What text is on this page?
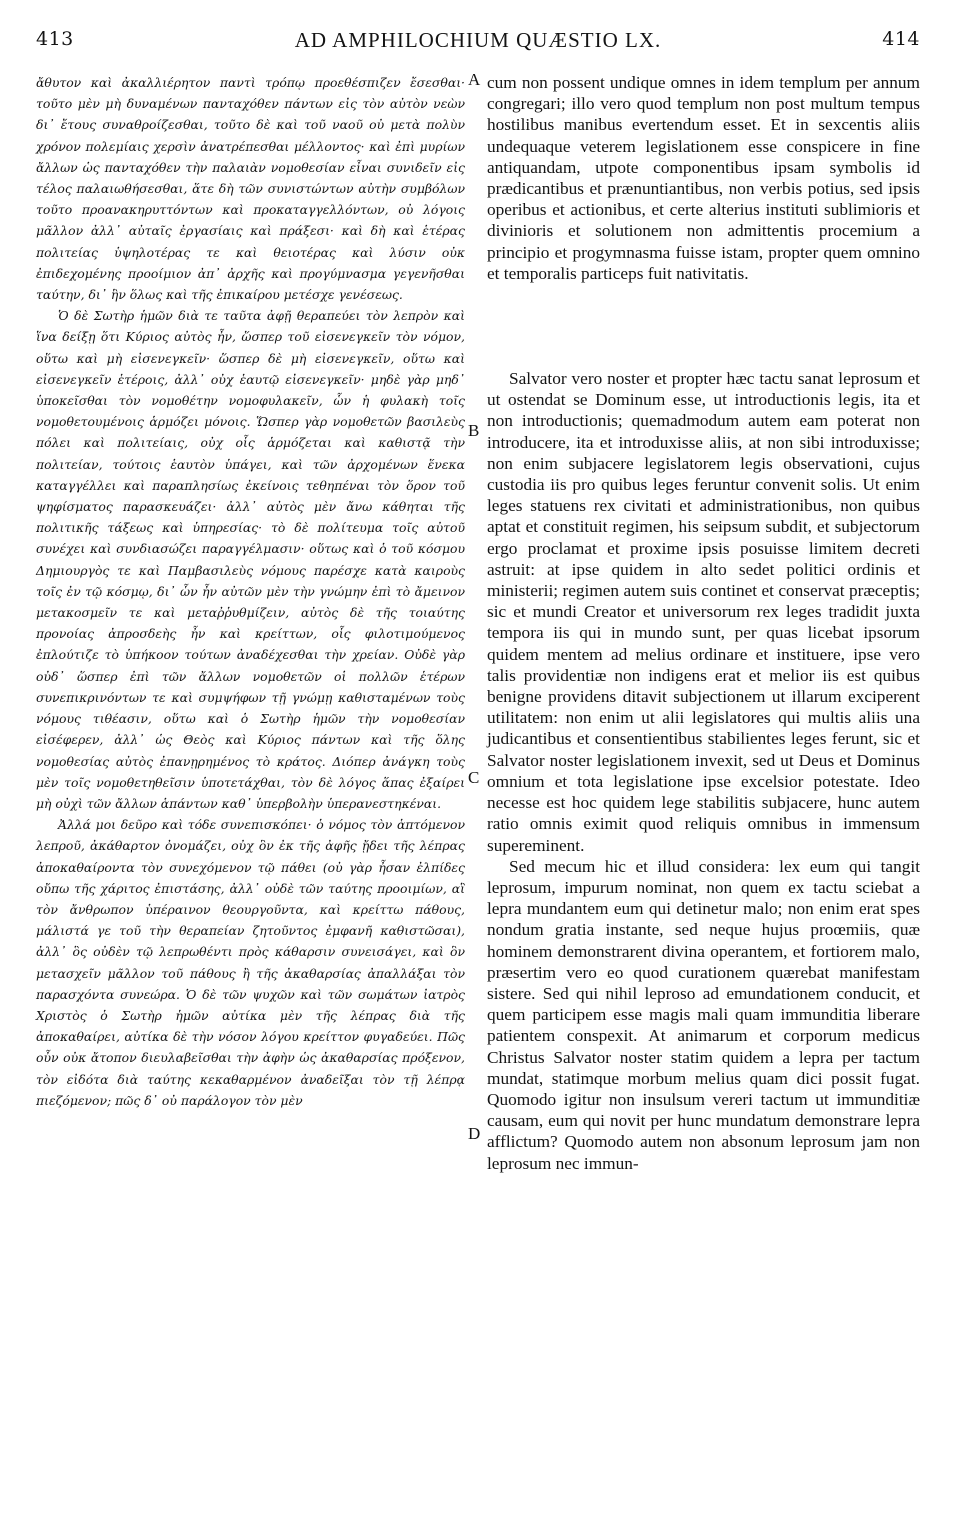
413	AD AMPHILOCHIUM QUÆSTIO LX.	414
A
B
C
D

ἄθυτον καὶ ἀκαλλιέρητον παντὶ τρόπῳ προεθέσπιζεν ἔσεσθαι· τοῦτο μὲν μὴ δυναμένων πανταχόθεν πάντων εἰς τὸν αὐτὸν νεὼν δι᾽ ἔτους συναθροίζεσθαι, τοῦτο δὲ καὶ τοῦ ναοῦ οὐ μετὰ πολὺν χρόνον πολεμίαις χερσὶν ἀνατρέπεσθαι μέλλοντος· καὶ ἐπὶ μυρίων ἄλλων ὡς πανταχόθεν τὴν παλαιὰν νομοθεσίαν εἶναι συνιδεῖν εἰς τέλος παλαιωθήσεσθαι, ἅτε δὴ τῶν συνιστώντων αὐτὴν συμβόλων τοῦτο προανακηρυττόντων καὶ προκαταγγελλόντων, οὐ λόγοις μᾶλλον ἀλλ᾽ αὐταῖς ἐργασίαις καὶ πράξεσι· καὶ δὴ καὶ ἑτέρας πολιτείας ὑψηλοτέρας τε καὶ θειοτέρας καὶ λύσιν οὐκ ἐπιδεχομένης προοίμιον ἀπ᾽ ἀρχῆς καὶ προγύμνασμα γεγενῆσθαι ταύτην, δι᾽ ἣν ὅλως καὶ τῆς ἐπικαίρου μετέσχε γενέσεως.

Ὁ δὲ Σωτὴρ ἡμῶν διὰ τε ταῦτα ἀφῇ θεραπεύει τὸν λεπρὸν καὶ ἵνα δείξῃ ὅτι Κύριος αὐτὸς ἦν, ὥσπερ τοῦ εἰσενεγκεῖν τὸν νόμον, οὕτω καὶ μὴ εἰσενεγκεῖν· ὥσπερ δὲ μὴ εἰσενεγκεῖν, οὕτω καὶ εἰσενεγκεῖν ἑτέροις, ἀλλ᾽ οὐχ ἑαυτῷ εἰσενεγκεῖν· μηδὲ γὰρ μηδ᾽ ὑποκεῖσθαι τὸν νομοθέτην νομοφυλακεῖν, ὧν ἡ φυλακὴ τοῖς νομοθετουμένοις ἁρμόζει μόνοις. Ὥσπερ γὰρ νομοθετῶν βασιλεὺς πόλει καὶ πολιτείαις, οὐχ οἷς ἁρμόζεται καὶ καθιστᾷ τὴν πολιτείαν, τούτοις ἑαυτὸν ὑπάγει, καὶ τῶν ἀρχομένων ἕνεκα καταγγέλλει καὶ παραπλησίως ἐκείνοις τεθηπέναι τὸν ὅρον τοῦ ψηφίσματος παρασκευάζει· ἀλλ᾽ αὐτὸς μὲν ἄνω κάθηται τῆς πολιτικῆς τάξεως καὶ ὑπηρεσίας· τὸ δὲ πολίτευμα τοῖς αὐτοῦ συνέχει καὶ συνδιασώζει παραγγέλμασιν· οὕτως καὶ ὁ τοῦ κόσμου Δημιουργὸς τε καὶ Παμβασιλεὺς νόμους παρέσχε κατὰ καιροὺς τοῖς ἐν τῷ κόσμῳ, δι᾽ ὧν ἦν αὐτῶν μὲν τὴν γνώμην ἐπὶ τὸ ἄμεινον μετακοσμεῖν τε καὶ μεταῤῥυθμίζειν, αὐτὸς δὲ τῆς τοιαύτης προνοίας ἀπροσδεὴς ἦν καὶ κρείττων, οἷς φιλοτιμούμενος ἐπλούτιζε τὸ ὑπήκοον τούτων ἀναδέχεσθαι τὴν χρείαν. Οὐδὲ γὰρ οὐδ᾽ ὥσπερ ἐπὶ τῶν ἄλλων νομοθετῶν οἱ πολλῶν ἑτέρων συνεπικρινόντων τε καὶ συμψήφων τῇ γνώμῃ καθισταμένων τοὺς νόμους τιθέασιν, οὕτω καὶ ὁ Σωτὴρ ἡμῶν τὴν νομοθεσίαν εἰσέφερεν, ἀλλ᾽ ὡς Θεὸς καὶ Κύριος πάντων καὶ τῆς ὅλης νομοθεσίας αὐτὸς ἐπανῃρημένος τὸ κράτος. Διόπερ ἀνάγκη τοὺς μὲν τοῖς νομοθετηθεῖσιν ὑποτετάχθαι, τὸν δὲ λόγος ἅπας ἐξαίρει μὴ οὐχὶ τῶν ἄλλων ἁπάντων καθ᾽ ὑπερβολὴν ὑπερανεστηκέναι.

Ἀλλά μοι δεῦρο καὶ τόδε συνεπισκόπει· ὁ νόμος τὸν ἁπτόμενον λεπροῦ, ἀκάθαρτον ὀνομάζει, οὐχ ὃν ἐκ τῆς ἀφῆς ᾔδει τῆς λέπρας ἀποκαθαίροντα τὸν συνεχόμενον τῷ πάθει (οὐ γὰρ ἦσαν ἐλπίδες οὔπω τῆς χάριτος ἐπιστάσης, ἀλλ᾽ οὐδὲ τῶν ταύτης προοιμίων, αἳ τὸν ἄνθρωπον ὑπέραινον θεουργοῦντα, καὶ κρείττω πάθους, μάλιστά γε τοῦ τὴν θεραπείαν ζητοῦντος ἐμφανῆ καθιστῶσαι), ἀλλ᾽ ὃς οὐδὲν τῷ λεπρωθέντι πρὸς κάθαρσιν συνεισάγει, καὶ ὃν μετασχεῖν μᾶλλον τοῦ πάθους ἢ τῆς ἀκαθαρσίας ἀπαλλάξαι τὸν παρασχόντα συνεώρα. Ὁ δὲ τῶν ψυχῶν καὶ τῶν σωμάτων ἰατρὸς Χριστὸς ὁ Σωτὴρ ἡμῶν αὐτίκα μὲν τῆς λέπρας διὰ τῆς ἀποκαθαίρει, αὐτίκα δὲ τὴν νόσον λόγου κρείττον φυγαδεύει. Πῶς οὖν οὐκ ἄτοπον διευλαβεῖσθαι τὴν ἀφὴν ὡς ἀκαθαρσίας πρόξενον, τὸν εἰδότα διὰ ταύτης κεκαθαρμένον ἀναδεῖξαι τὸν τῇ λέπρᾳ πιεζόμενον; πῶς δ᾽ οὐ παράλογον τὸν μὲν

cum non possent undique omnes in idem templum per annum congregari; illo vero quod templum non post multum tempus hostilibus manibus evertendum esset. Et in sexcentis aliis undequaque veterem legislationem esse conspicere in fine antiquandam, utpote componentibus ipsam symbolis id prædicantibus et prænuntiantibus, non verbis potius, sed ipsis operibus et actionibus, et certe alterius instituti sublimioris et divinioris et solutionem non admittentis procemium a principio et progymnasma fuisse istam, propter quem omnino et temporalis particeps fuit nativitatis.

Salvator vero noster et propter hæc tactu sanat leprosum et ut ostendat se Dominum esse, ut introductionis legis, ita et non introductionis; quemadmodum autem eam poterat non introducere, ita et introduxisse aliis, at non sibi introduxisse; non enim subjacere legislatorem legis observationi, cujus custodia iis pro quibus leges feruntur convenit solis. Ut enim leges statuens rex civitati et administrationibus, non quibus aptat et constituit regimen, his seipsum subdit, et subjectorum ergo proclamat et proxime ipsis posuisse limitem decreti astruit: at ipse quidem in alto sedet politici ordinis et ministerii; regimen autem suis continet et conservat præceptis; sic et mundi Creator et universorum rex leges tradidit juxta tempora iis qui in mundo sunt, per quas licebat ipsorum quidem mentem ad melius ordinare et instituere, ipse vero talis providentiæ non indigens erat et melior iis est quibus benigne providens ditavit subjectionem ut illarum exciperent utilitatem: non enim ut alii legislatores qui multis aliis una judicantibus et consentientibus stabilientes leges ferunt, sic et Salvator noster legislationem invexit, sed ut Deus et Dominus omnium et tota legislatione ipse excelsior potestate. Ideo necesse est hoc quidem lege stabilitis subjacere, hunc autem ratio omnis eximit quod reliquis omnibus in immensum supereminent.

Sed mecum hic et illud considera: lex eum qui tangit leprosum, impurum nominat, non quem ex tactu sciebat a lepra mundantem eum qui detinetur malo; non enim erat spes nondum gratia instante, sed neque hujus proœmiis, quæ hominem demonstrarent divina operantem, et fortiorem malo, præsertim vero eo quod curationem quærebat manifestam sistere. Sed qui nihil leproso ad emundationem conducit, et quem participem esse magis mali quam immunditia liberare patientem conspexit. At animarum et corporum medicus Christus Salvator noster statim quidem a lepra per tactum mundat, statimque morbum melius quam dici possit fugat. Quomodo igitur non insulsum vereri tactum ut immunditiæ causam, eum qui novit per hunc mundatum demonstrare lepra afflictum? Quomodo autem non absonum leprosum jam non leprosum nec immun-
